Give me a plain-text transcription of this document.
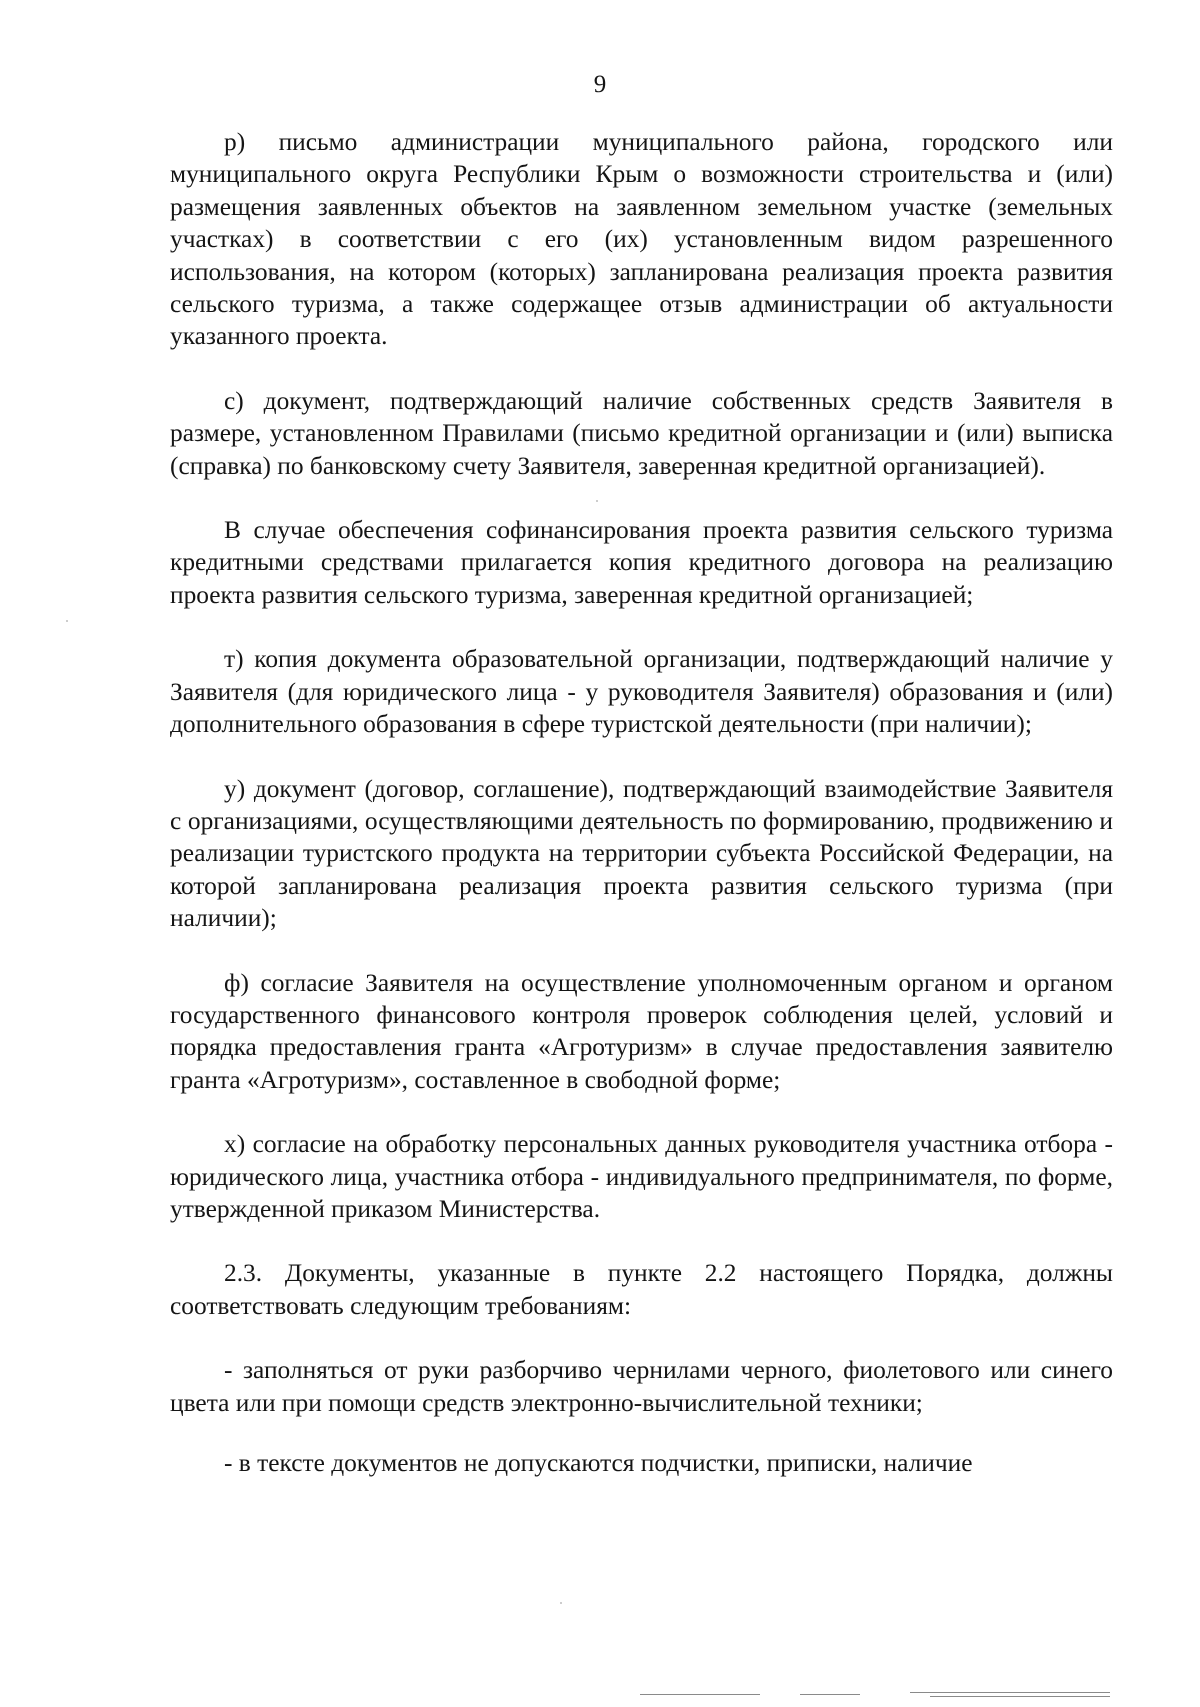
9

р) письмо администрации муниципального района, городского или муниципального округа Республики Крым о возможности строительства и (или) размещения заявленных объектов на заявленном земельном участке (земельных участках) в соответствии с его (их) установленным видом разрешенного использования, на котором (которых) запланирована реализация проекта развития сельского туризма, а также содержащее отзыв администрации об актуальности указанного проекта.

с) документ, подтверждающий наличие собственных средств Заявителя в размере, установленном Правилами (письмо кредитной организации и (или) выписка (справка) по банковскому счету Заявителя, заверенная кредитной организацией).

В случае обеспечения софинансирования проекта развития сельского туризма кредитными средствами прилагается копия кредитного договора на реализацию проекта развития сельского туризма, заверенная кредитной организацией;

т) копия документа образовательной организации, подтверждающий наличие у Заявителя (для юридического лица - у руководителя Заявителя) образования и (или) дополнительного образования в сфере туристской деятельности (при наличии);

у) документ (договор, соглашение), подтверждающий взаимодействие Заявителя с организациями, осуществляющими деятельность по формированию, продвижению и реализации туристского продукта на территории субъекта Российской Федерации, на которой запланирована реализация проекта развития сельского туризма (при наличии);

ф) согласие Заявителя на осуществление уполномоченным органом и органом государственного финансового контроля проверок соблюдения целей, условий и порядка предоставления гранта «Агротуризм» в случае предоставления заявителю гранта «Агротуризм», составленное в свободной форме;

х) согласие на обработку персональных данных руководителя участника отбора - юридического лица, участника отбора - индивидуального предпринимателя, по форме, утвержденной приказом Министерства.

2.3. Документы, указанные в пункте 2.2 настоящего Порядка, должны соответствовать следующим требованиям:

- заполняться от руки разборчиво чернилами черного, фиолетового или синего цвета или при помощи средств электронно-вычислительной техники;

- в тексте документов не допускаются подчистки, приписки, наличие
